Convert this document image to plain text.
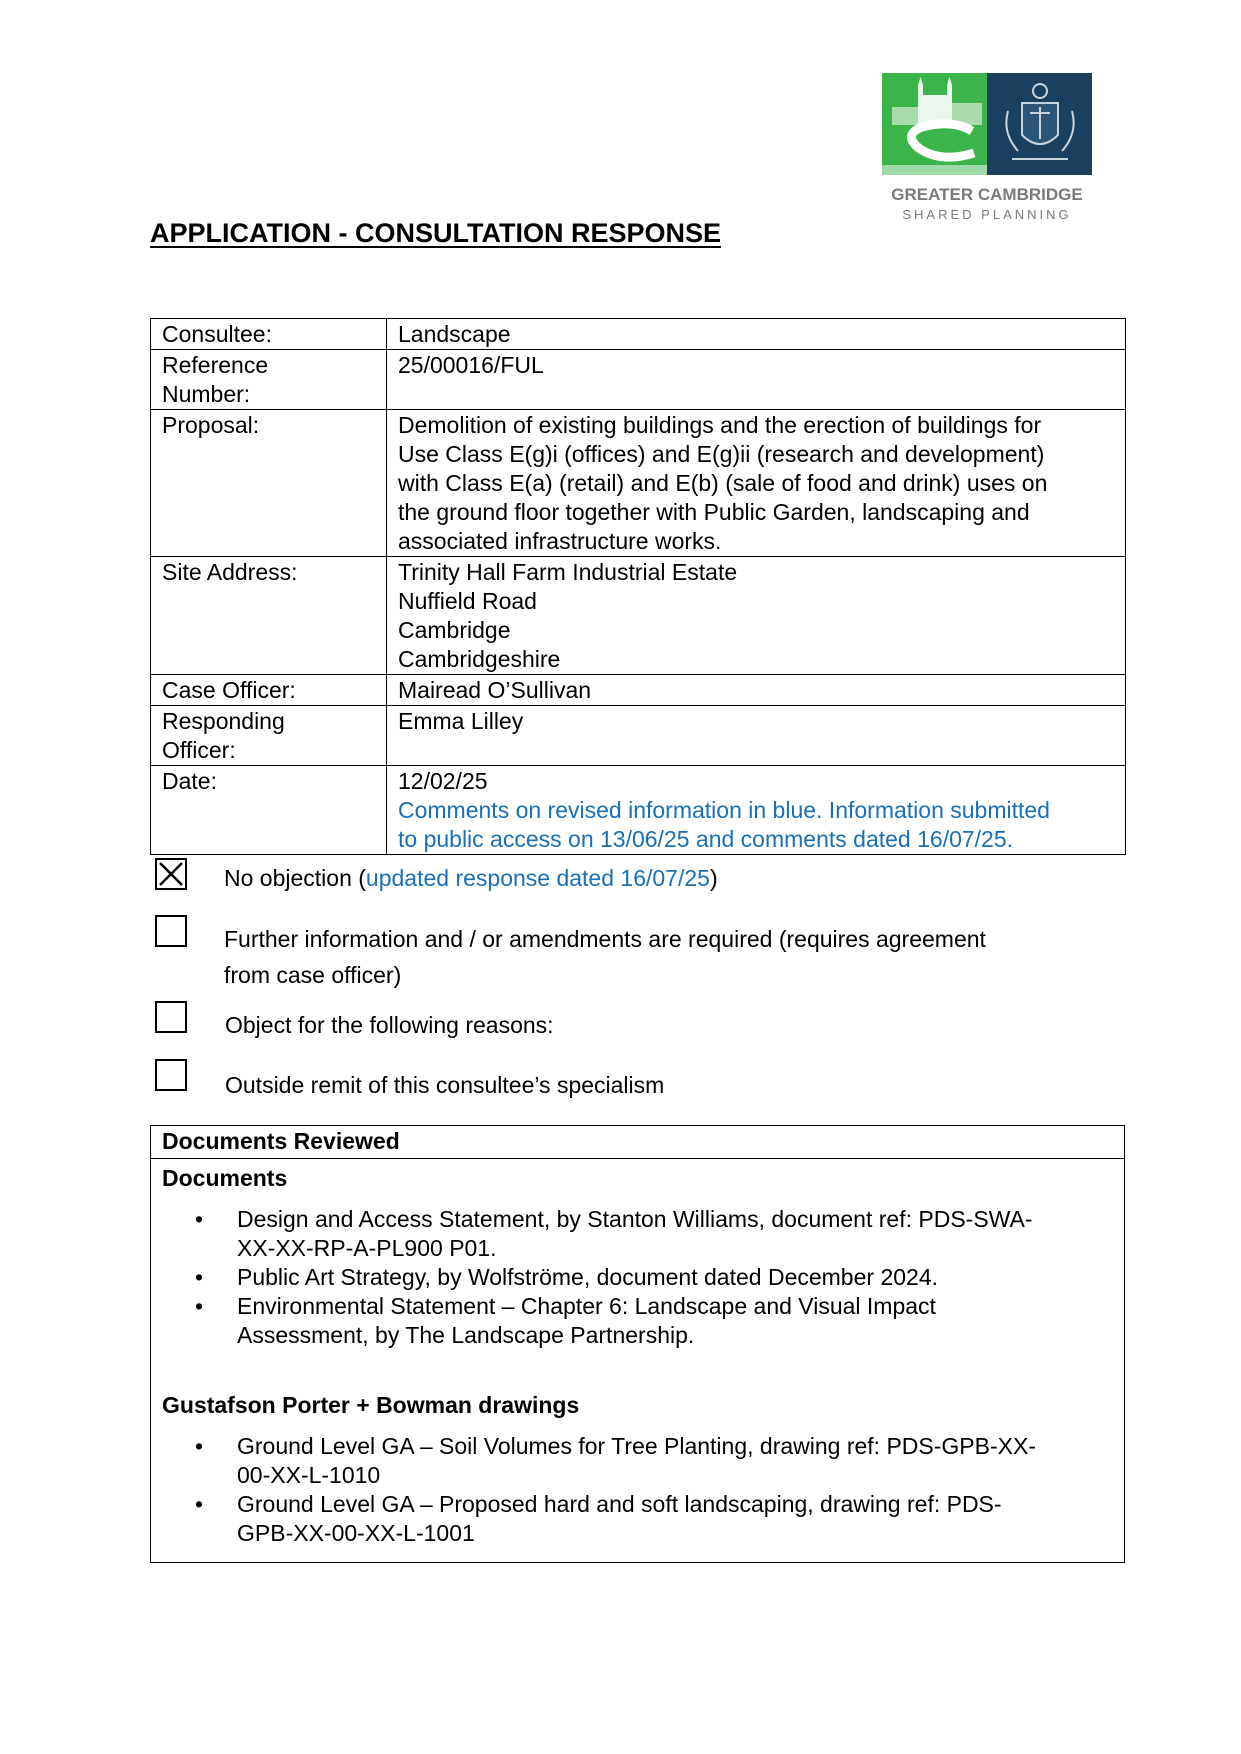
GREATER CAMBRIDGE
SHARED PLANNING
APPLICATION - CONSULTATION RESPONSE
Consultee:	Landscape

Reference
Number:	25/00016/FUL

Proposal:	Demolition of existing buildings and the erection of buildings for
Use Class E(g)i (offices) and E(g)ii (research and development)
with Class E(a) (retail) and E(b) (sale of food and drink) uses on
the ground floor together with Public Garden, landscaping and
associated infrastructure works.

Site Address:	Trinity Hall Farm Industrial Estate
Nuffield Road
Cambridge
Cambridgeshire

Case Officer:	Mairead O’Sullivan

Responding
Officer:	Emma Lilley

Date:	12/02/25
Comments on revised information in blue. Information submitted
to public access on 13/06/25 and comments dated 16/07/25.
No objection (updated response dated 16/07/25)
Further information and / or amendments are required (requires agreement
from case officer)
Object for the following reasons:
Outside remit of this consultee’s specialism
Documents Reviewed

Documents

• Design and Access Statement, by Stanton Williams, document ref: PDS-SWA-
XX-XX-RP-A-PL900 P01.
• Public Art Strategy, by Wolfströme, document dated December 2024.
• Environmental Statement – Chapter 6: Landscape and Visual Impact
Assessment, by The Landscape Partnership.

Gustafson Porter + Bowman drawings

• Ground Level GA – Soil Volumes for Tree Planting, drawing ref: PDS-GPB-XX-
00-XX-L-1010
• Ground Level GA – Proposed hard and soft landscaping, drawing ref: PDS-
GPB-XX-00-XX-L-1001
